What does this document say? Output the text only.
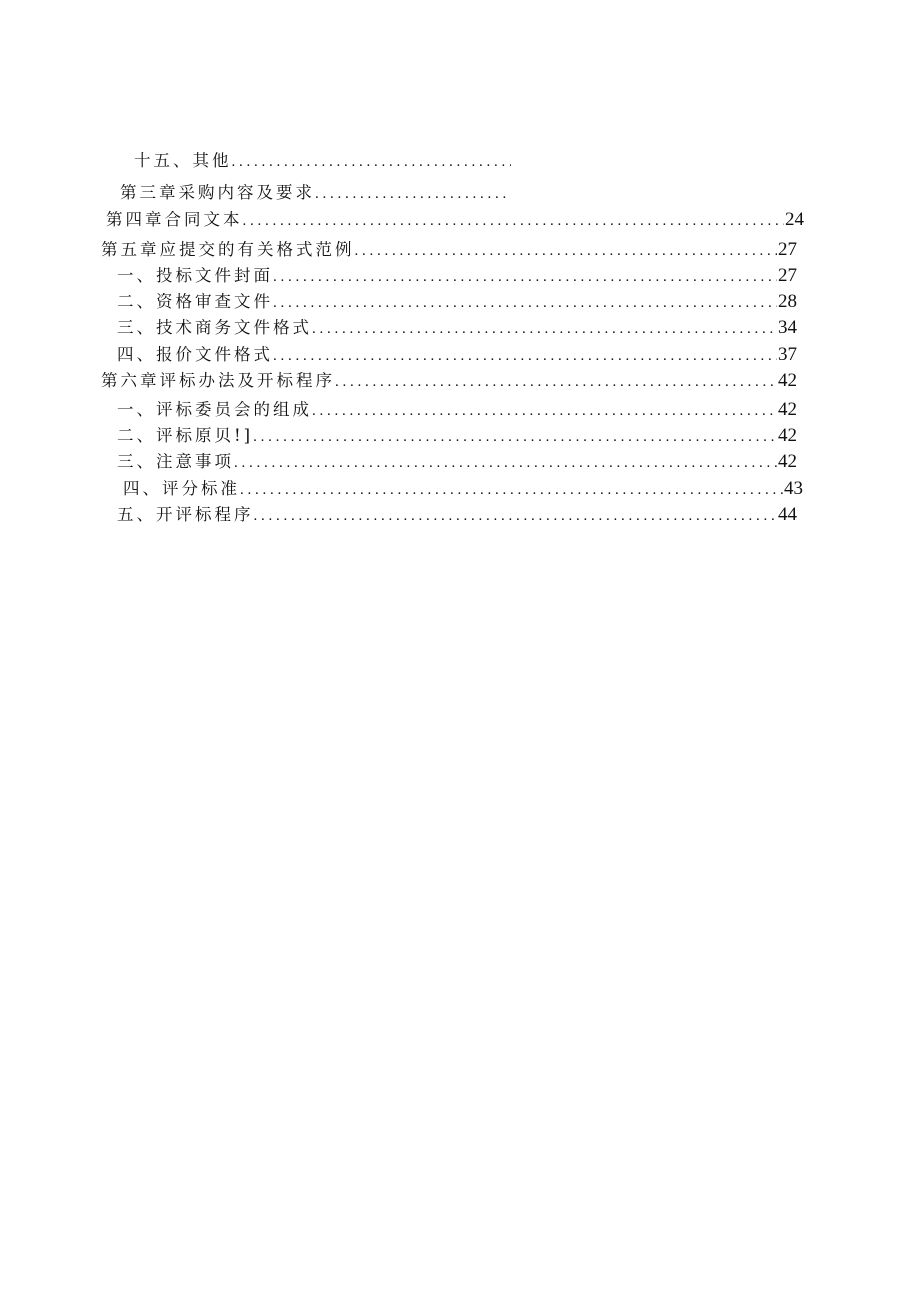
十五、其他
. . .
第三章采购内容及要求
. . .
第四章合同文本 . . .	24
第五章应提交的有关格式范例 . . .	27
一、投标文件封面 . . .	27
二、资格审查文件 . . .	28
三、技术商务文件格式 . . .	34
四、报价文件格式 . . .	37
第六章评标办法及开标程序 . . .	42
一、评标委员会的组成 . . .	42
二、评标原贝!] . . .	42
三、注意事项 . . .	42
四、评分标准 . . .	43
五、开评标程序 . . .	44
